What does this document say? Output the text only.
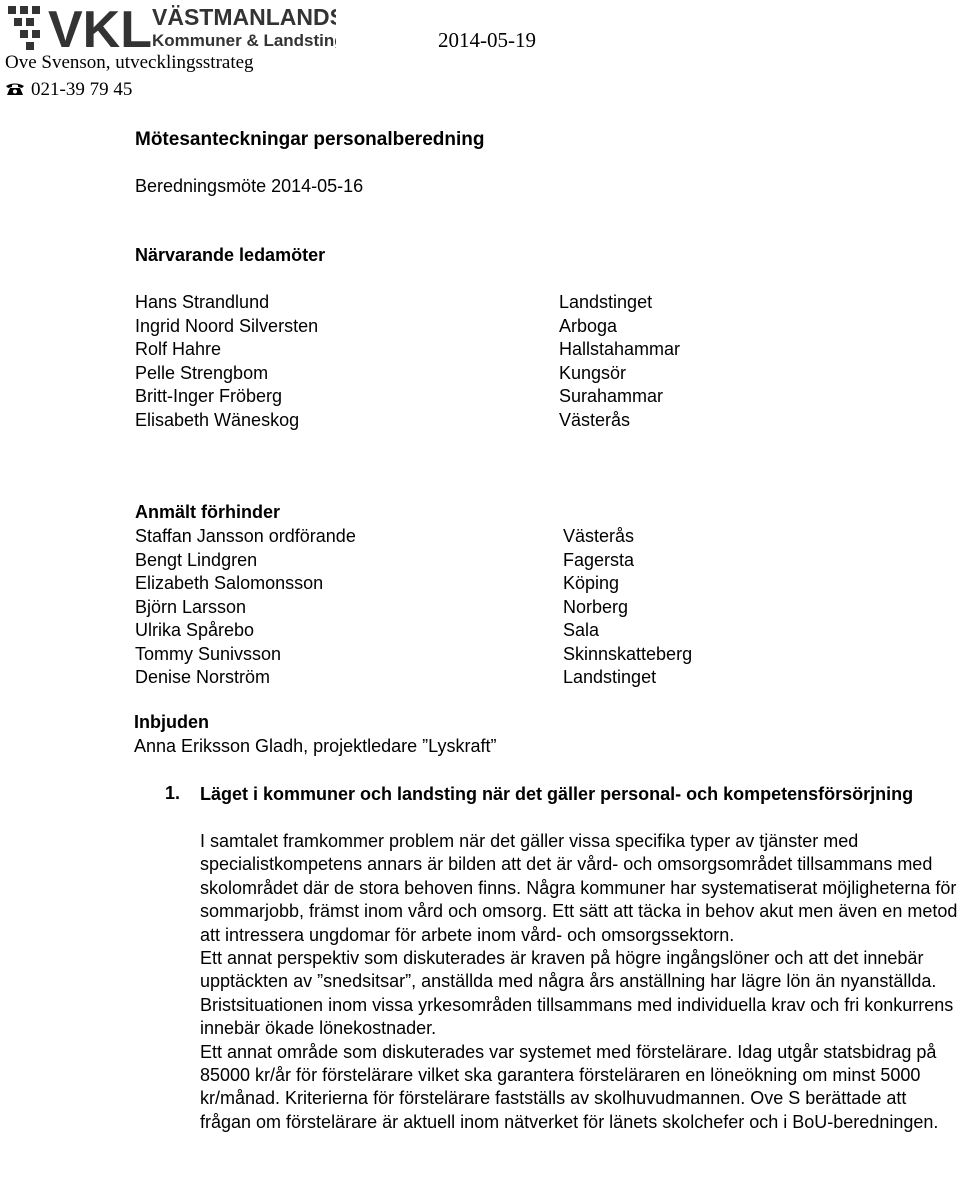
VKL VÄSTMANLANDS
Kommuner & Landsting	2014-05-19
Ove Svenson, utvecklingsstrateg
021-39 79 45
Mötesanteckningar personalberedning
Beredningsmöte 2014-05-16
Närvarande ledamöter
Hans Strandlund
Ingrid Noord Silversten
Rolf Hahre
Pelle Strengbom
Britt-Inger Fröberg
Elisabeth Wäneskog
Landstinget
Arboga
Hallstahammar
Kungsör
Surahammar
Västerås
Anmält förhinder
Staffan Jansson ordförande
Bengt Lindgren
Elizabeth Salomonsson
Björn Larsson
Ulrika Spårebo
Tommy Sunivsson
Denise Norström
Västerås
Fagersta
Köping
Norberg
Sala
Skinnskatteberg
Landstinget
Inbjuden
Anna Eriksson Gladh, projektledare ”Lyskraft”
1. Läget i kommuner och landsting när det gäller personal- och kompetensförsörjning

I samtalet framkommer problem när det gäller vissa specifika typer av tjänster med specialistkompetens annars är bilden att det är vård- och omsorgsområdet tillsammans med skolområdet där de stora behoven finns. Några kommuner har systematiserat möjligheterna för sommarjobb, främst inom vård och omsorg. Ett sätt att täcka in behov akut men även en metod att intressera ungdomar för arbete inom vård- och omsorgssektorn.

Ett annat perspektiv som diskuterades är kraven på högre ingångslöner och att det innebär upptäckten av ”snedsitsar”, anställda med några års anställning har lägre lön än nyanställda. Bristsituationen inom vissa yrkesområden tillsammans med individuella krav och fri konkurrens innebär ökade lönekostnader.

Ett annat område som diskuterades var systemet med förstelärare. Idag utgår statsbidrag på 85000 kr/år för förstelärare vilket ska garantera försteläraren en löneökning om minst 5000 kr/månad. Kriterierna för förstelärare fastställs av skolhuvudmannen. Ove S berättade att frågan om förstelärare är aktuell inom nätverket för länets skolchefer och i BoU-beredningen.
